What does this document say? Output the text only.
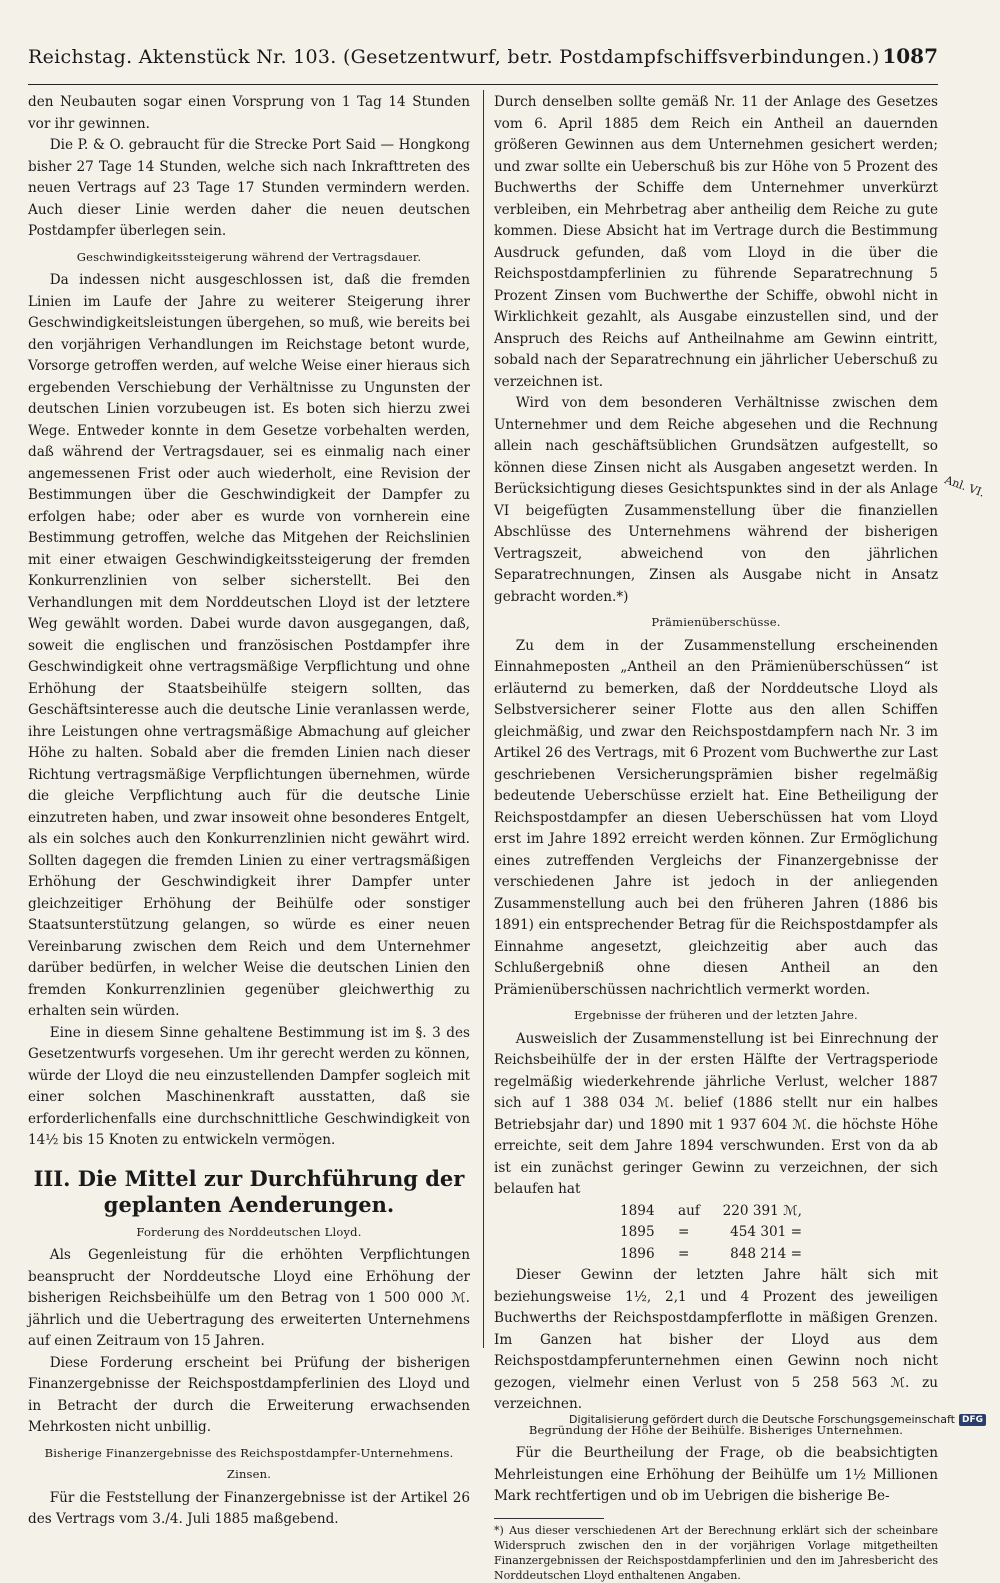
Reichstag. Aktenstück Nr. 103. (Gesetzentwurf, betr. Postdampfschiffsverbindungen.) 1087

den Neubauten sogar einen Vorsprung von 1 Tag 14 Stunden vor ihr gewinnen.

Die P. & O. gebraucht für die Strecke Port Said — Hongkong bisher 27 Tage 14 Stunden, welche sich nach Inkrafttreten des neuen Vertrags auf 23 Tage 17 Stunden vermindern werden. Auch dieser Linie werden daher die neuen deutschen Postdampfer überlegen sein.

Geschwindigkeitssteigerung während der Vertragsdauer.

Da indessen nicht ausgeschlossen ist, daß die fremden Linien im Laufe der Jahre zu weiterer Steigerung ihrer Geschwindigkeitsleistungen übergehen, so muß, wie bereits bei den vorjährigen Verhandlungen im Reichstage betont wurde, Vorsorge getroffen werden, auf welche Weise einer hieraus sich ergebenden Verschiebung der Verhältnisse zu Ungunsten der deutschen Linien vorzubeugen ist. Es boten sich hierzu zwei Wege. Entweder konnte in dem Gesetze vorbehalten werden, daß während der Vertragsdauer, sei es einmalig nach einer angemessenen Frist oder auch wiederholt, eine Revision der Bestimmungen über die Geschwindigkeit der Dampfer zu erfolgen habe; oder aber es wurde von vornherein eine Bestimmung getroffen, welche das Mitgehen der Reichslinien mit einer etwaigen Geschwindigkeitssteigerung der fremden Konkurrenzlinien von selber sicherstellt. Bei den Verhandlungen mit dem Norddeutschen Lloyd ist der letztere Weg gewählt worden. Dabei wurde davon ausgegangen, daß, soweit die englischen und französischen Postdampfer ihre Geschwindigkeit ohne vertragsmäßige Verpflichtung und ohne Erhöhung der Staatsbeihülfe steigern sollten, das Geschäftsinteresse auch die deutsche Linie veranlassen werde, ihre Leistungen ohne vertragsmäßige Abmachung auf gleicher Höhe zu halten. Sobald aber die fremden Linien nach dieser Richtung vertragsmäßige Verpflichtungen übernehmen, würde die gleiche Verpflichtung auch für die deutsche Linie einzutreten haben, und zwar insoweit ohne besonderes Entgelt, als ein solches auch den Konkurrenzlinien nicht gewährt wird. Sollten dagegen die fremden Linien zu einer vertragsmäßigen Erhöhung der Geschwindigkeit ihrer Dampfer unter gleichzeitiger Erhöhung der Beihülfe oder sonstiger Staatsunterstützung gelangen, so würde es einer neuen Vereinbarung zwischen dem Reich und dem Unternehmer darüber bedürfen, in welcher Weise die deutschen Linien den fremden Konkurrenzlinien gegenüber gleichwerthig zu erhalten sein würden.

Eine in diesem Sinne gehaltene Bestimmung ist im §. 3 des Gesetzentwurfs vorgesehen. Um ihr gerecht werden zu können, würde der Lloyd die neu einzustellenden Dampfer sogleich mit einer solchen Maschinenkraft ausstatten, daß sie erforderlichenfalls eine durchschnittliche Geschwindigkeit von 14½ bis 15 Knoten zu entwickeln vermögen.

III. Die Mittel zur Durchführung der geplanten Aenderungen.
Forderung des Norddeutschen Lloyd.

Als Gegenleistung für die erhöhten Verpflichtungen beansprucht der Norddeutsche Lloyd eine Erhöhung der bisherigen Reichsbeihülfe um den Betrag von 1 500 000 ℳ. jährlich und die Uebertragung des erweiterten Unternehmens auf einen Zeitraum von 15 Jahren.

Diese Forderung erscheint bei Prüfung der bisherigen Finanzergebnisse der Reichspostdampferlinien des Lloyd und in Betracht der durch die Erweiterung erwachsenden Mehrkosten nicht unbillig.

Bisherige Finanzergebnisse des Reichspostdampfer-Unternehmens. Zinsen.

Für die Feststellung der Finanzergebnisse ist der Artikel 26 des Vertrags vom 3./4. Juli 1885 maßgebend.

Durch denselben sollte gemäß Nr. 11 der Anlage des Gesetzes vom 6. April 1885 dem Reich ein Antheil an dauernden größeren Gewinnen aus dem Unternehmen gesichert werden; und zwar sollte ein Ueberschuß bis zur Höhe von 5 Prozent des Buchwerths der Schiffe dem Unternehmer unverkürzt verbleiben, ein Mehrbetrag aber antheilig dem Reiche zu gute kommen. Diese Absicht hat im Vertrage durch die Bestimmung Ausdruck gefunden, daß vom Lloyd in die über die Reichspostdampferlinien zu führende Separatrechnung 5 Prozent Zinsen vom Buchwerthe der Schiffe, obwohl nicht in Wirklichkeit gezahlt, als Ausgabe einzustellen sind, und der Anspruch des Reichs auf Antheilnahme am Gewinn eintritt, sobald nach der Separatrechnung ein jährlicher Ueberschuß zu verzeichnen ist.

Wird von dem besonderen Verhältnisse zwischen dem Unternehmer und dem Reiche abgesehen und die Rechnung allein nach geschäftsüblichen Grundsätzen aufgestellt, so können diese Zinsen nicht als Ausgaben angesetzt werden. In Berücksichtigung dieses Gesichtspunktes sind in der als Anlage VI beigefügten Zusammenstellung über die finanziellen Abschlüsse des Unternehmens während der bisherigen Vertragszeit, abweichend von den jährlichen Separatrechnungen, Zinsen als Ausgabe nicht in Ansatz gebracht worden.*)

Prämienüberschüsse.

Zu dem in der Zusammenstellung erscheinenden Einnahmeposten „Antheil an den Prämienüberschüssen“ ist erläuternd zu bemerken, daß der Norddeutsche Lloyd als Selbstversicherer seiner Flotte aus den allen Schiffen gleichmäßig, und zwar den Reichspostdampfern nach Nr. 3 im Artikel 26 des Vertrags, mit 6 Prozent vom Buchwerthe zur Last geschriebenen Versicherungsprämien bisher regelmäßig bedeutende Ueberschüsse erzielt hat. Eine Betheiligung der Reichspostdampfer an diesen Ueberschüssen hat vom Lloyd erst im Jahre 1892 erreicht werden können. Zur Ermöglichung eines zutreffenden Vergleichs der Finanzergebnisse der verschiedenen Jahre ist jedoch in der anliegenden Zusammenstellung auch bei den früheren Jahren (1886 bis 1891) ein entsprechender Betrag für die Reichspostdampfer als Einnahme angesetzt, gleichzeitig aber auch das Schlußergebniß ohne diesen Antheil an den Prämienüberschüssen nachrichtlich vermerkt worden.

Ergebnisse der früheren und der letzten Jahre.

Ausweislich der Zusammenstellung ist bei Einrechnung der Reichsbeihülfe der in der ersten Hälfte der Vertragsperiode regelmäßig wiederkehrende jährliche Verlust, welcher 1887 sich auf 1 388 034 ℳ. belief (1886 stellt nur ein halbes Betriebsjahr dar) und 1890 mit 1 937 604 ℳ. die höchste Höhe erreichte, seit dem Jahre 1894 verschwunden. Erst von da ab ist ein zunächst geringer Gewinn zu verzeichnen, der sich belaufen hat

1894	auf	220 391 ℳ,
1895	=	454 301 =
1896	=	848 214 =

Dieser Gewinn der letzten Jahre hält sich mit beziehungsweise 1½, 2,1 und 4 Prozent des jeweiligen Buchwerths der Reichspostdampferflotte in mäßigen Grenzen. Im Ganzen hat bisher der Lloyd aus dem Reichspostdampferunternehmen einen Gewinn noch nicht gezogen, vielmehr einen Verlust von 5 258 563 ℳ. zu verzeichnen.

Begründung der Höhe der Beihülfe. Bisheriges Unternehmen.

Für die Beurtheilung der Frage, ob die beabsichtigten Mehrleistungen eine Erhöhung der Beihülfe um 1½ Millionen Mark rechtfertigen und ob im Uebrigen die bisherige Be-

*) Aus dieser verschiedenen Art der Berechnung erklärt sich der scheinbare Widerspruch zwischen den in der vorjährigen Vorlage mitgetheilten Finanzergebnissen der Reichspostdampferlinien und den im Jahresbericht des Norddeutschen Lloyd enthaltenen Angaben.
Anl. VI.
Digitalisierung gefördert durch die Deutsche Forschungsgemeinschaft DFG
